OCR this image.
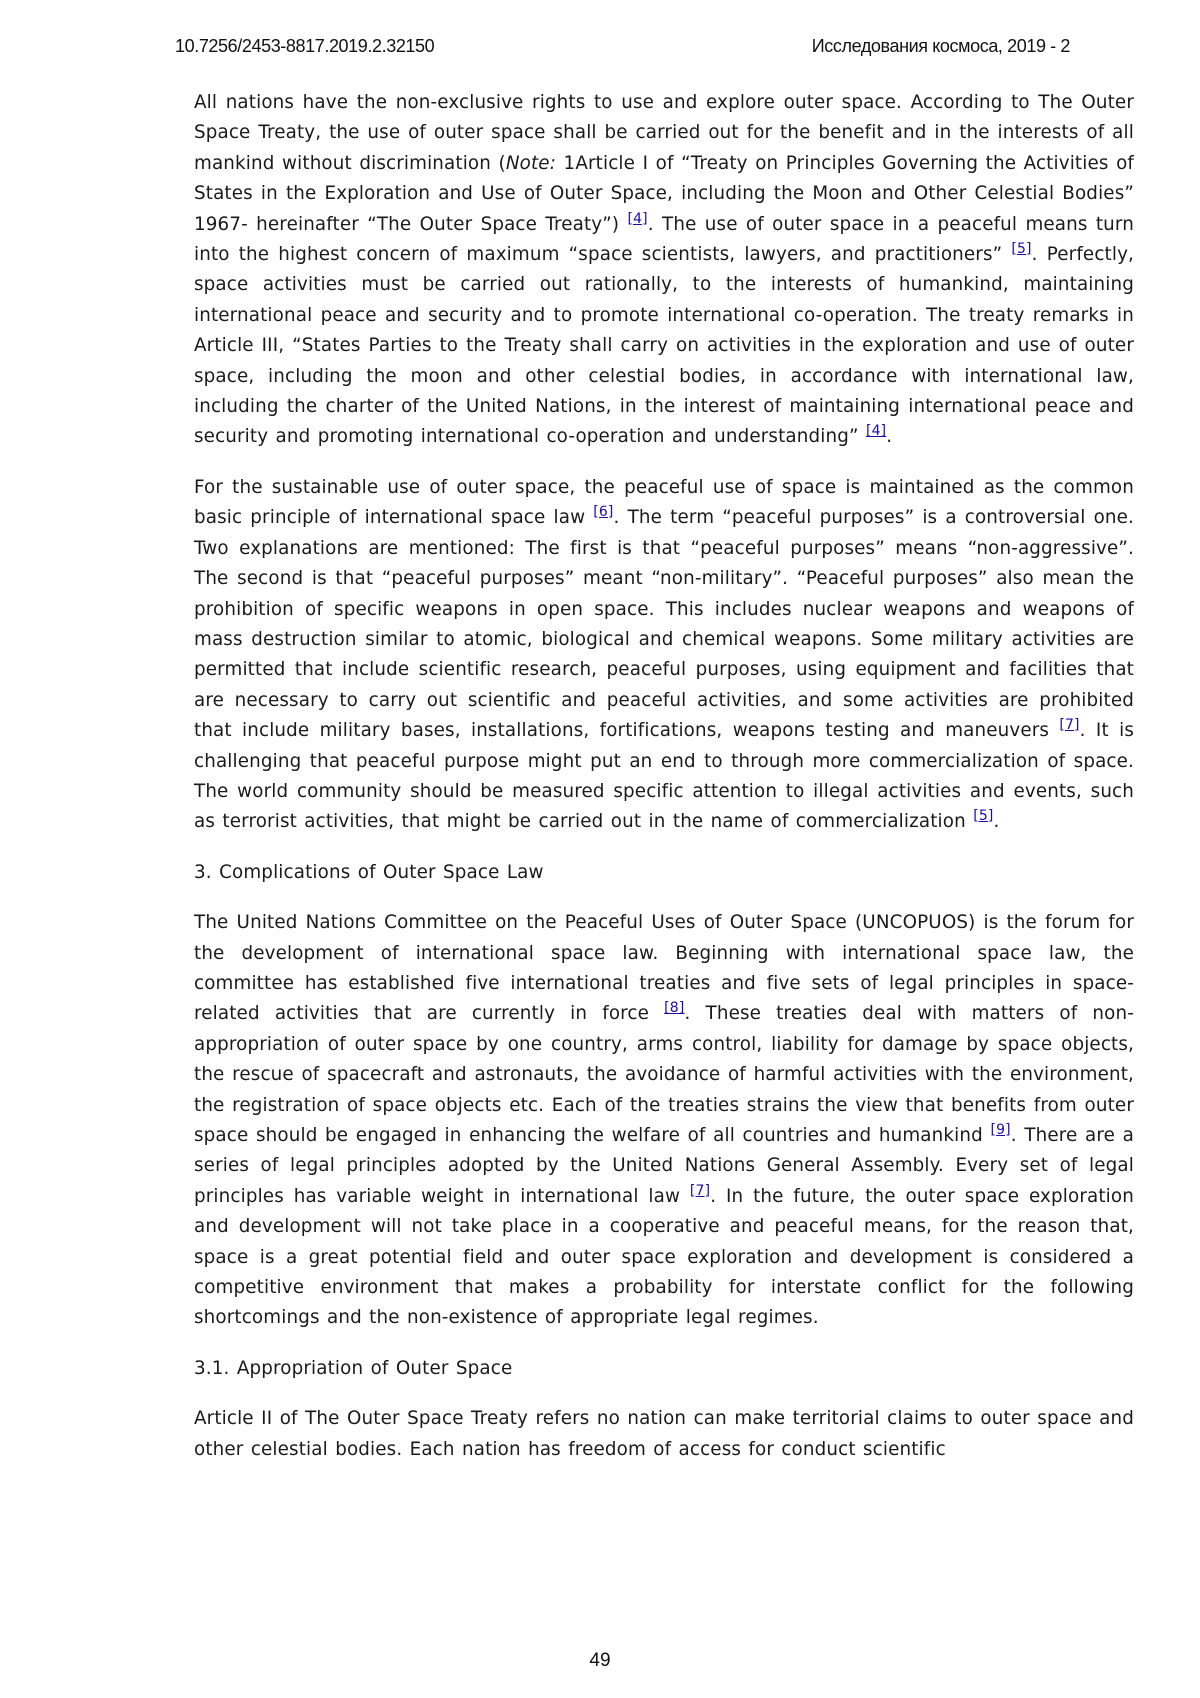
10.7256/2453-8817.2019.2.32150	Исследования космоса, 2019 - 2

All nations have the non-exclusive rights to use and explore outer space. According to The Outer Space Treaty, the use of outer space shall be carried out for the benefit and in the interests of all mankind without discrimination (Note: 1Article I of “Treaty on Principles Governing the Activities of States in the Exploration and Use of Outer Space, including the Moon and Other Celestial Bodies” 1967- hereinafter “The Outer Space Treaty”) [4]. The use of outer space in a peaceful means turn into the highest concern of maximum “space scientists, lawyers, and practitioners” [5]. Perfectly, space activities must be carried out rationally, to the interests of humankind, maintaining international peace and security and to promote international co-operation. The treaty remarks in Article III, “States Parties to the Treaty shall carry on activities in the exploration and use of outer space, including the moon and other celestial bodies, in accordance with international law, including the charter of the United Nations, in the interest of maintaining international peace and security and promoting international co-operation and understanding” [4].

For the sustainable use of outer space, the peaceful use of space is maintained as the common basic principle of international space law [6]. The term “peaceful purposes” is a controversial one. Two explanations are mentioned: The first is that “peaceful purposes” means “non-aggressive”. The second is that “peaceful purposes” meant “non-military”. “Peaceful purposes” also mean the prohibition of specific weapons in open space. This includes nuclear weapons and weapons of mass destruction similar to atomic, biological and chemical weapons. Some military activities are permitted that include scientific research, peaceful purposes, using equipment and facilities that are necessary to carry out scientific and peaceful activities, and some activities are prohibited that include military bases, installations, fortifications, weapons testing and maneuvers [7]. It is challenging that peaceful purpose might put an end to through more commercialization of space. The world community should be measured specific attention to illegal activities and events, such as terrorist activities, that might be carried out in the name of commercialization [5].

3. Complications of Outer Space Law

The United Nations Committee on the Peaceful Uses of Outer Space (UNCOPUOS) is the forum for the development of international space law. Beginning with international space law, the committee has established five international treaties and five sets of legal principles in space-related activities that are currently in force [8]. These treaties deal with matters of non-appropriation of outer space by one country, arms control, liability for damage by space objects, the rescue of spacecraft and astronauts, the avoidance of harmful activities with the environment, the registration of space objects etc. Each of the treaties strains the view that benefits from outer space should be engaged in enhancing the welfare of all countries and humankind [9]. There are a series of legal principles adopted by the United Nations General Assembly. Every set of legal principles has variable weight in international law [7]. In the future, the outer space exploration and development will not take place in a cooperative and peaceful means, for the reason that, space is a great potential field and outer space exploration and development is considered a competitive environment that makes a probability for interstate conflict for the following shortcomings and the non-existence of appropriate legal regimes.

3.1. Appropriation of Outer Space

Article II of The Outer Space Treaty refers no nation can make territorial claims to outer space and other celestial bodies. Each nation has freedom of access for conduct scientific

49
